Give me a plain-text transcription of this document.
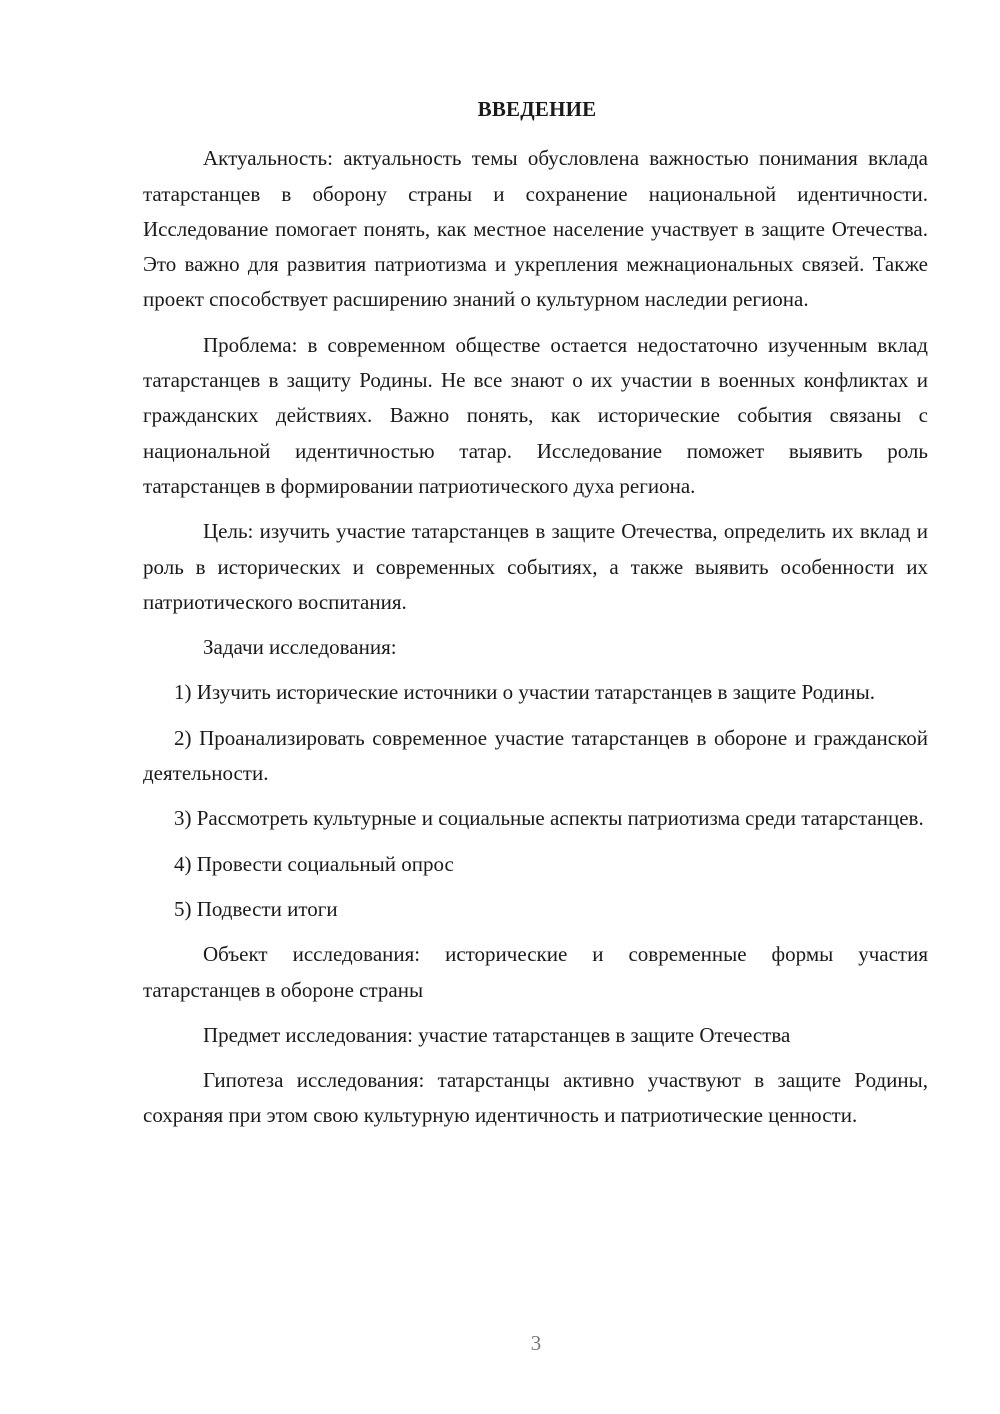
ВВЕДЕНИЕ

Актуальность: актуальность темы обусловлена важностью понимания вклада татарстанцев в оборону страны и сохранение национальной идентичности. Исследование помогает понять, как местное население участвует в защите Отечества. Это важно для развития патриотизма и укрепления межнациональных связей. Также проект способствует расширению знаний о культурном наследии региона.

Проблема: в современном обществе остается недостаточно изученным вклад татарстанцев в защиту Родины. Не все знают о их участии в военных конфликтах и гражданских действиях. Важно понять, как исторические события связаны с национальной идентичностью татар. Исследование поможет выявить роль татарстанцев в формировании патриотического духа региона.

Цель: изучить участие татарстанцев в защите Отечества, определить их вклад и роль в исторических и современных событиях, а также выявить особенности их патриотического воспитания.

Задачи исследования:

1) Изучить исторические источники о участии татарстанцев в защите Родины.

2) Проанализировать современное участие татарстанцев в обороне и гражданской деятельности.

3) Рассмотреть культурные и социальные аспекты патриотизма среди татарстанцев.

4) Провести социальный опрос

5) Подвести итоги

Объект исследования: исторические и современные формы участия татарстанцев в обороне страны

Предмет исследования: участие татарстанцев в защите Отечества

Гипотеза исследования: татарстанцы активно участвуют в защите Родины, сохраняя при этом свою культурную идентичность и патриотические ценности.

3
